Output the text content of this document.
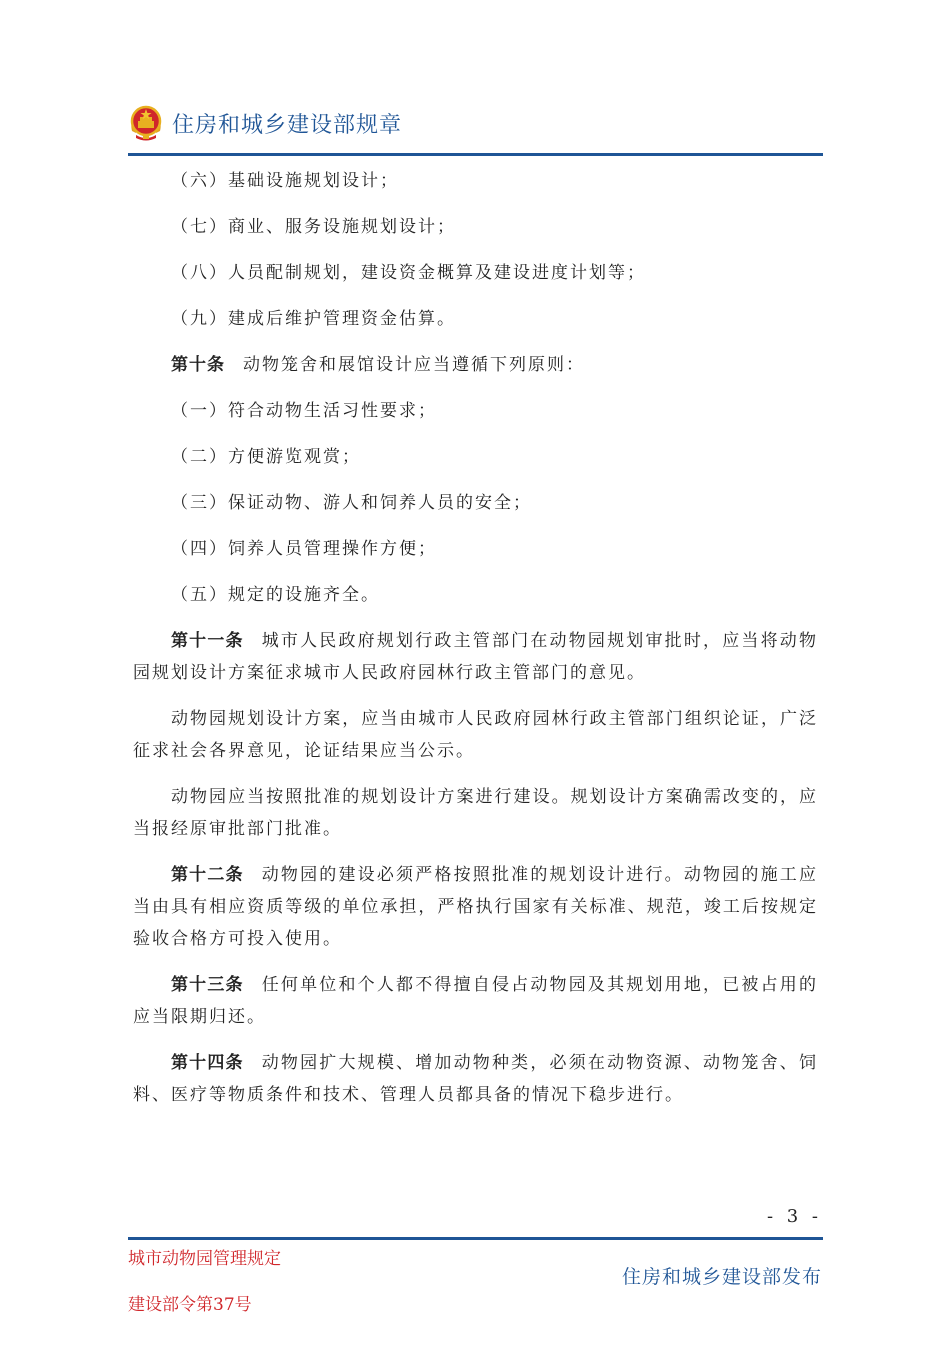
住房和城乡建设部规章
（六）基础设施规划设计；
（七）商业、服务设施规划设计；
（八）人员配制规划，建设资金概算及建设进度计划等；
（九）建成后维护管理资金估算。
第十条 动物笼舍和展馆设计应当遵循下列原则：
（一）符合动物生活习性要求；
（二）方便游览观赏；
（三）保证动物、游人和饲养人员的安全；
（四）饲养人员管理操作方便；
（五）规定的设施齐全。
第十一条 城市人民政府规划行政主管部门在动物园规划审批时，应当将动物园规划设计方案征求城市人民政府园林行政主管部门的意见。
动物园规划设计方案，应当由城市人民政府园林行政主管部门组织论证，广泛征求社会各界意见，论证结果应当公示。
动物园应当按照批准的规划设计方案进行建设。规划设计方案确需改变的，应当报经原审批部门批准。
第十二条 动物园的建设必须严格按照批准的规划设计进行。动物园的施工应当由具有相应资质等级的单位承担，严格执行国家有关标准、规范，竣工后按规定验收合格方可投入使用。
第十三条 任何单位和个人都不得擅自侵占动物园及其规划用地，已被占用的应当限期归还。
第十四条 动物园扩大规模、增加动物种类，必须在动物资源、动物笼舍、饲料、医疗等物质条件和技术、管理人员都具备的情况下稳步进行。
- 3 -
城市动物园管理规定
建设部令第37号
住房和城乡建设部发布
